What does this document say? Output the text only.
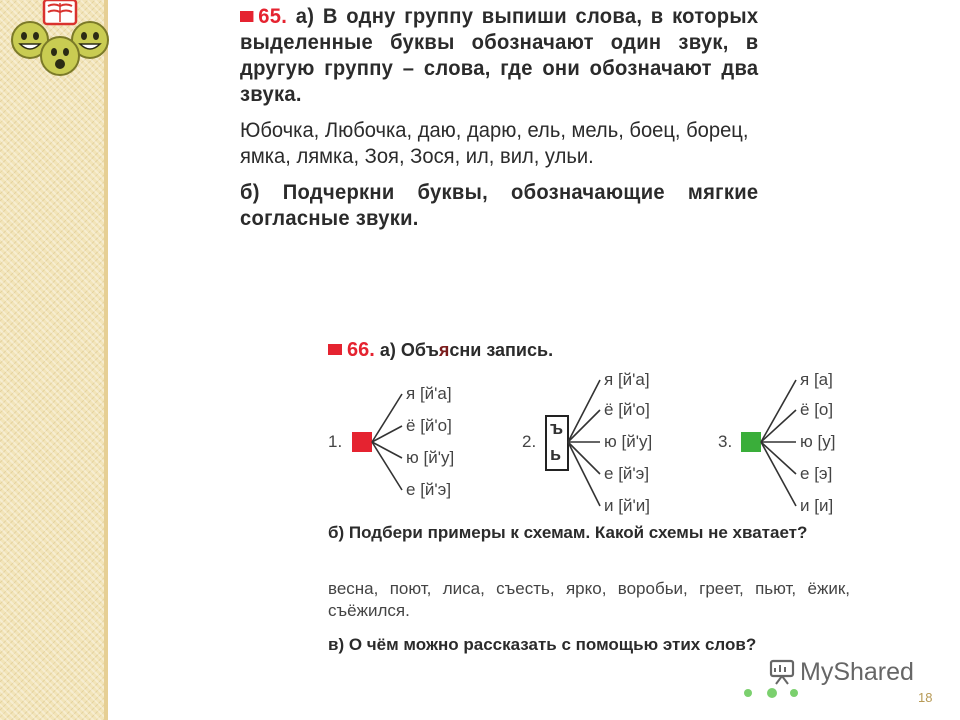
65. а) В одну группу выпиши слова, в которых выделенные буквы обозначают один звук, в другую группу – слова, где они обозначают два звука.
Юбочка, Любочка, даю, дарю, ель, мель, боец, борец, ямка, лямка, Зоя, Зося, ил, вил, ульи.
б) Подчеркни буквы, обозначающие мягкие согласные звуки.
66. а) Объясни запись.
1.	2.	3.
ъ
ь
я [й'а]
ё [й'о]
ю [й'у]
е [й'э]
я [й'а]
ё [й'о]
ю [й'у]
е [й'э]
и [й'и]
я [а]
ё [о]
ю [у]
е [э]
и [и]
б) Подбери примеры к схемам. Какой схемы не хватает?
весна, поют, лиса, съесть, ярко, воробьи, греет, пьют, ёжик, съёжился.
в) О чём можно рассказать с помощью этих слов?
MyShared
18
